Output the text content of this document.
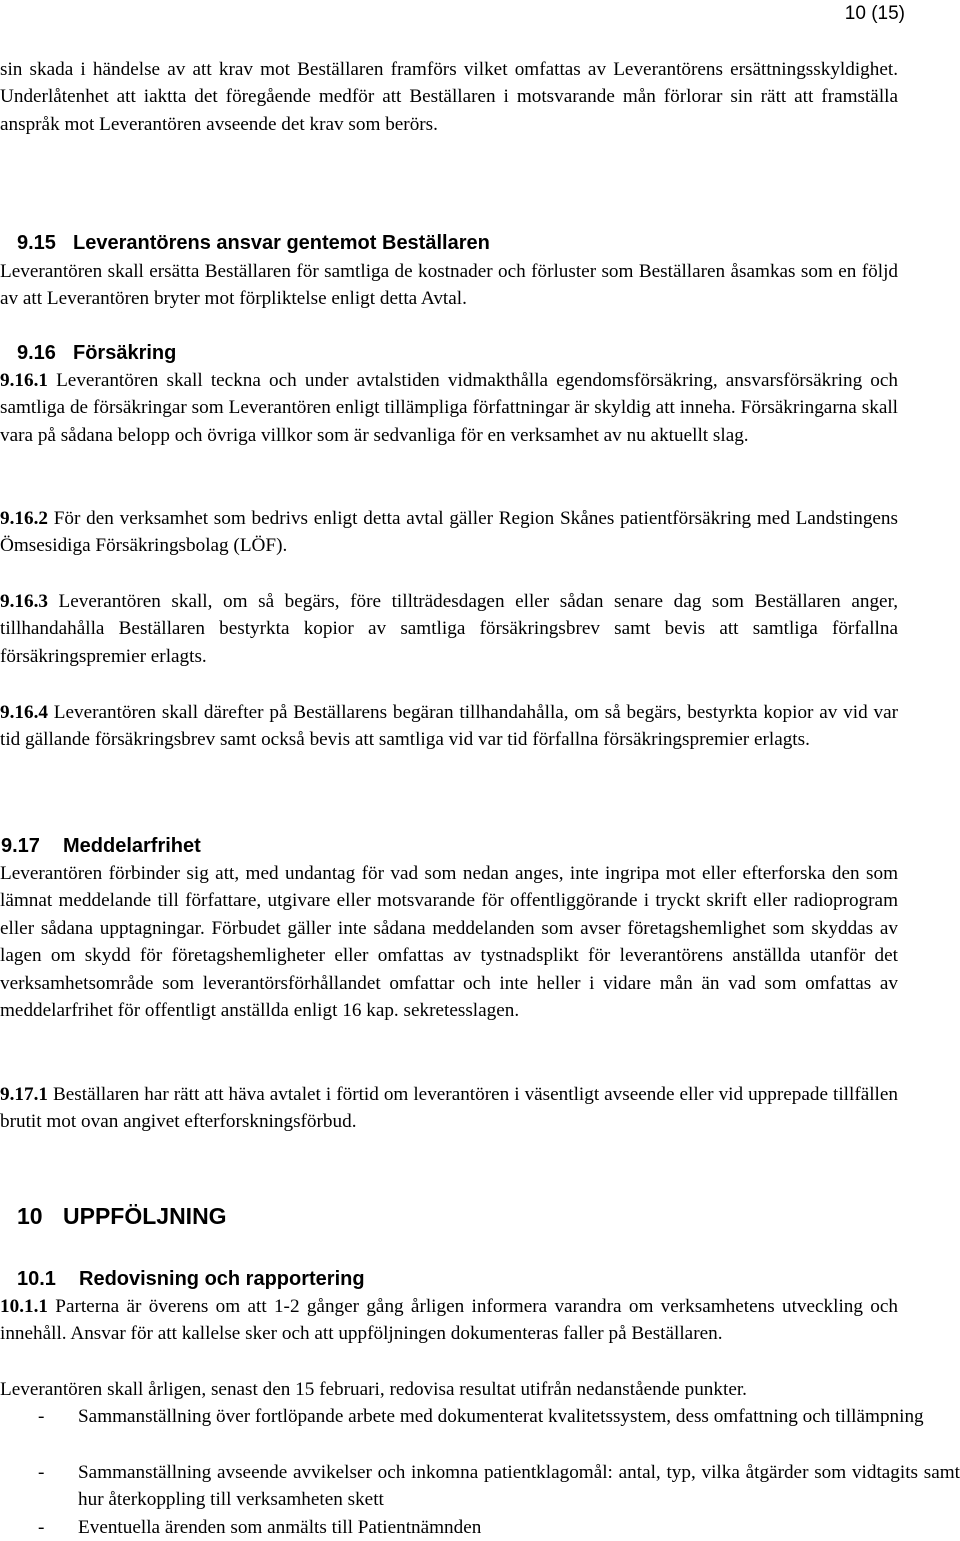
10 (15)
sin skada i händelse av att krav mot Beställaren framförs vilket omfattas av Leverantörens ersättningsskyldighet. Underlåtenhet att iaktta det föregående medför att Beställaren i motsvarande mån förlorar sin rätt att framställa anspråk mot Leverantören avseende det krav som berörs.
9.15 Leverantörens ansvar gentemot Beställaren
Leverantören skall ersätta Beställaren för samtliga de kostnader och förluster som Beställaren åsamkas som en följd av att Leverantören bryter mot förpliktelse enligt detta Avtal.
9.16 Försäkring
9.16.1 Leverantören skall teckna och under avtalstiden vidmakthålla egendomsförsäkring, ansvarsförsäkring och samtliga de försäkringar som Leverantören enligt tillämpliga författningar är skyldig att inneha. Försäkringarna skall vara på sådana belopp och övriga villkor som är sedvanliga för en verksamhet av nu aktuellt slag.
9.16.2 För den verksamhet som bedrivs enligt detta avtal gäller Region Skånes patientförsäkring med Landstingens Ömsesidiga Försäkringsbolag (LÖF).
9.16.3 Leverantören skall, om så begärs, före tillträdesdagen eller sådan senare dag som Beställaren anger, tillhandahålla Beställaren bestyrkta kopior av samtliga försäkringsbrev samt bevis att samtliga förfallna försäkringspremier erlagts.
9.16.4 Leverantören skall därefter på Beställarens begäran tillhandahålla, om så begärs, bestyrkta kopior av vid var tid gällande försäkringsbrev samt också bevis att samtliga vid var tid förfallna försäkringspremier erlagts.
9.17 Meddelarfrihet
Leverantören förbinder sig att, med undantag för vad som nedan anges, inte ingripa mot eller efterforska den som lämnat meddelande till författare, utgivare eller motsvarande för offentliggörande i tryckt skrift eller radioprogram eller sådana upptagningar. Förbudet gäller inte sådana meddelanden som avser företagshemlighet som skyddas av lagen om skydd för företagshemligheter eller omfattas av tystnadsplikt för leverantörens anställda utanför det verksamhetsområde som leverantörsförhållandet omfattar och inte heller i vidare mån än vad som omfattas av meddelarfrihet för offentligt anställda enligt 16 kap. sekretesslagen.
9.17.1 Beställaren har rätt att häva avtalet i förtid om leverantören i väsentligt avseende eller vid upprepade tillfällen brutit mot ovan angivet efterforskningsförbud.
10 UPPFÖLJNING
10.1 Redovisning och rapportering
10.1.1 Parterna är överens om att 1-2 gånger gång årligen informera varandra om verksamhetens utveckling och innehåll. Ansvar för att kallelse sker och att uppföljningen dokumenteras faller på Beställaren.
Leverantören skall årligen, senast den 15 februari, redovisa resultat utifrån nedanstående punkter.
- Sammanställning över fortlöpande arbete med dokumenterat kvalitetssystem, dess omfattning och tillämpning
- Sammanställning avseende avvikelser och inkomna patientklagomål: antal, typ, vilka åtgärder som vidtagits samt hur återkoppling till verksamheten skett
- Eventuella ärenden som anmälts till Patientnämnden
